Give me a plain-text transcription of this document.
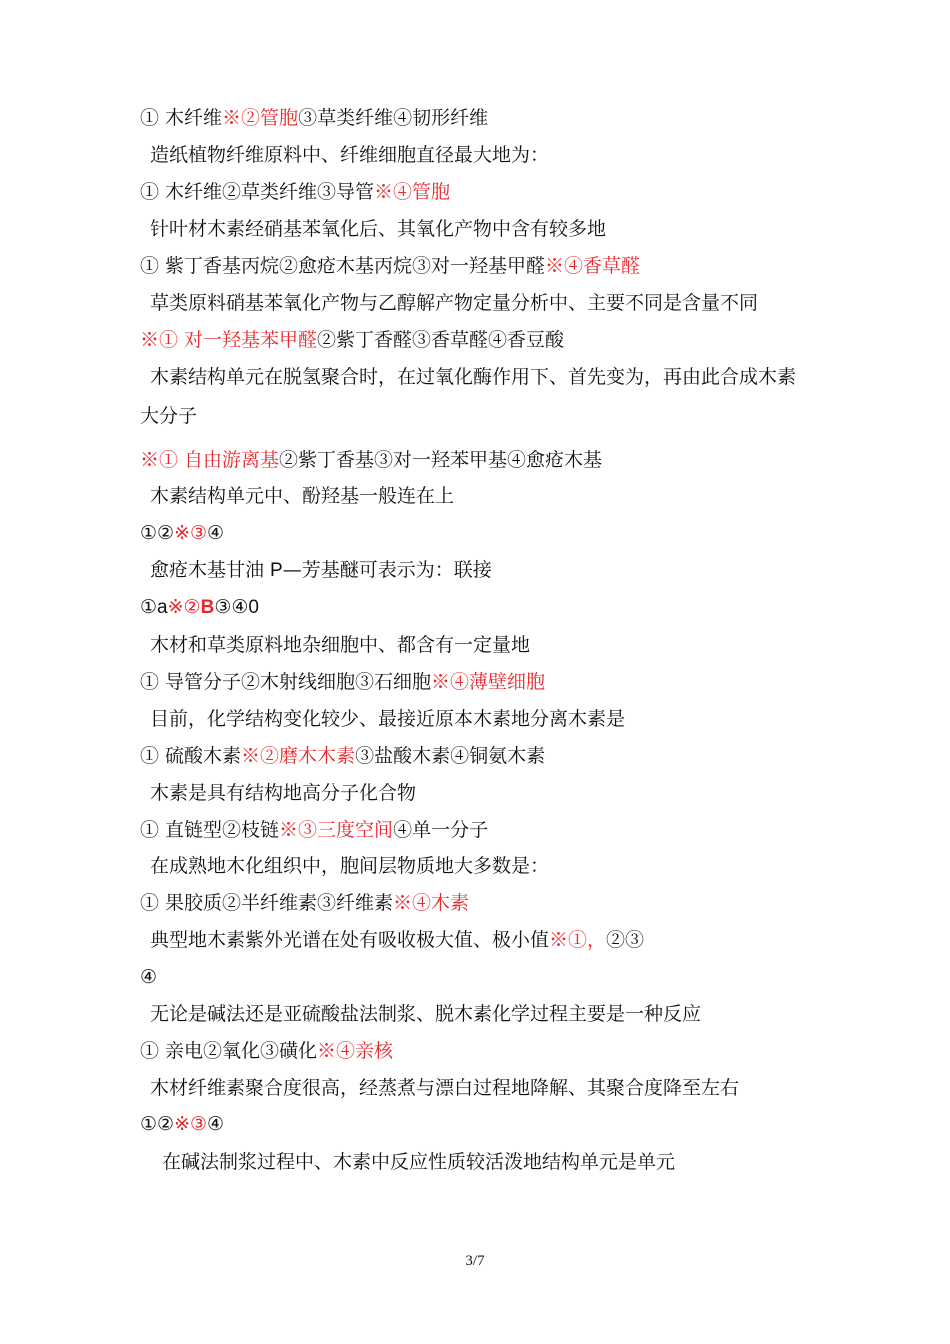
① 木纤维※②管胞③草类纤维④韧形纤维
造纸植物纤维原料中、纤维细胞直径最大地为：
① 木纤维②草类纤维③导管※④管胞
针叶材木素经硝基苯氧化后、其氧化产物中含有较多地
① 紫丁香基丙烷②愈疮木基丙烷③对一羟基甲醛※④香草醛
草类原料硝基苯氧化产物与乙醇解产物定量分析中、主要不同是含量不同
※① 对一羟基苯甲醛②紫丁香醛③香草醛④香豆酸
木素结构单元在脱氢聚合时，在过氧化酶作用下、首先变为，再由此合成木素
大分子
※① 自由游离基②紫丁香基③对一羟苯甲基④愈疮木基
木素结构单元中、酚羟基一般连在上
①②※③④
愈疮木基甘油 P—芳基醚可表示为：联接
①a※②B③④0
木材和草类原料地杂细胞中、都含有一定量地
① 导管分子②木射线细胞③石细胞※④薄壁细胞
目前，化学结构变化较少、最接近原本木素地分离木素是
① 硫酸木素※②磨木木素③盐酸木素④铜氨木素
木素是具有结构地高分子化合物
① 直链型②枝链※③三度空间④单一分子
在成熟地木化组织中，胞间层物质地大多数是：
① 果胶质②半纤维素③纤维素※④木素
典型地木素紫外光谱在处有吸收极大值、极小值※①，②③
④
无论是碱法还是亚硫酸盐法制浆、脱木素化学过程主要是一种反应
① 亲电②氧化③磺化※④亲核
木材纤维素聚合度很高，经蒸煮与漂白过程地降解、其聚合度降至左右
①②※③④
在碱法制浆过程中、木素中反应性质较活泼地结构单元是单元
3/7
